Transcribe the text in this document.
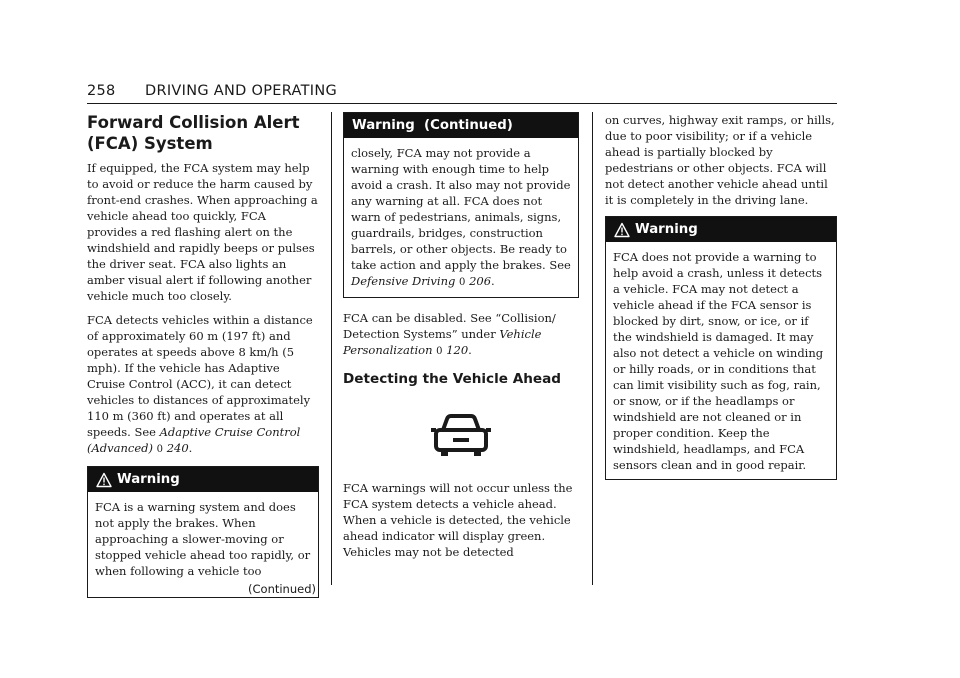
258 DRIVING AND OPERATING
Forward Collision Alert
(FCA) System

If equipped, the FCA system may help to avoid or reduce the harm caused by front-end crashes. When approaching a vehicle ahead too quickly, FCA provides a red flashing alert on the windshield and rapidly beeps or pulses the driver seat. FCA also lights an amber visual alert if following another vehicle much too closely.

FCA detects vehicles within a distance of approximately 60 m (197 ft) and operates at speeds above 8 km/h (5 mph). If the vehicle has Adaptive Cruise Control (ACC), it can detect vehicles to distances of approximately 110 m (360 ft) and operates at all speeds. See Adaptive Cruise Control (Advanced) 0 240.

Warning
FCA is a warning system and does not apply the brakes. When approaching a slower-moving or stopped vehicle ahead too rapidly, or when following a vehicle too
(Continued)
Warning  (Continued)
closely, FCA may not provide a warning with enough time to help avoid a crash. It also may not provide any warning at all. FCA does not warn of pedestrians, animals, signs, guardrails, bridges, construction barrels, or other objects. Be ready to take action and apply the brakes. See Defensive Driving 0 206.

FCA can be disabled. See “Collision/ Detection Systems” under Vehicle Personalization 0 120.

Detecting the Vehicle Ahead

FCA warnings will not occur unless the FCA system detects a vehicle ahead. When a vehicle is detected, the vehicle ahead indicator will display green. Vehicles may not be detected

on curves, highway exit ramps, or hills, due to poor visibility; or if a vehicle ahead is partially blocked by pedestrians or other objects. FCA will not detect another vehicle ahead until it is completely in the driving lane.

Warning
FCA does not provide a warning to help avoid a crash, unless it detects a vehicle. FCA may not detect a vehicle ahead if the FCA sensor is blocked by dirt, snow, or ice, or if the windshield is damaged. It may also not detect a vehicle on winding or hilly roads, or in conditions that can limit visibility such as fog, rain, or snow, or if the headlamps or windshield are not cleaned or in proper condition. Keep the windshield, headlamps, and FCA sensors clean and in good repair.
